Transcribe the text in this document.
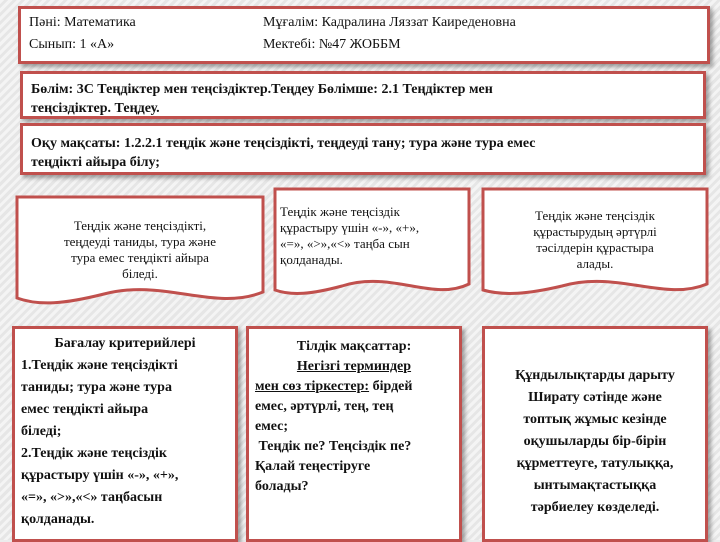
Пәні: Математика	Мұғалім: Кадралина Ляззат Каиреденовна
Сынып: 1 «А»	Мектебі: №47 ЖОББМ
Бөлім: 3С Теңдіктер мен теңсіздіктер.Теңдеу Бөлімше: 2.1 Теңдіктер мен
теңсіздіктер. Теңдеу.
Оқу мақсаты: 1.2.2.1 теңдік және теңсіздікті, теңдеуді тану; тура және тура емес
теңдікті айыра білу;
Теңдік және теңсіздікті,
теңдеуді таниды, тура және
тура емес теңдікті айыра
біледі.
Теңдік және теңсіздік
құрастыру үшін «-», «+»,
«=», «>»,«<» таңба сын
қолданады.
Теңдік және теңсіздік
құрастырудың әртүрлі
тәсілдерін құрастыра
алады.
Бағалау критерийлері
1.Теңдік және теңсіздікті
таниды; тура және тура
емес теңдікті айыра
біледі;
2.Теңдік және теңсіздік
құрастыру үшін «-», «+»,
«=», «>»,«<» таңбасын
қолданады.
Тілдік мақсаттар:
Негізгі терминдер
мен сөз тіркестер: бірдей
емес, әртүрлі, тең, тең
емес;
Теңдік пе? Теңсіздік пе?
Қалай теңестіруге
болады?
Құндылықтарды дарыту
Ширату сәтінде және
топтық жұмыс кезінде
оқушыларды бір-бірін
құрметтеуге, татулыққа,
ынтымақтастыққа
тәрбиелеу көзделеді.
